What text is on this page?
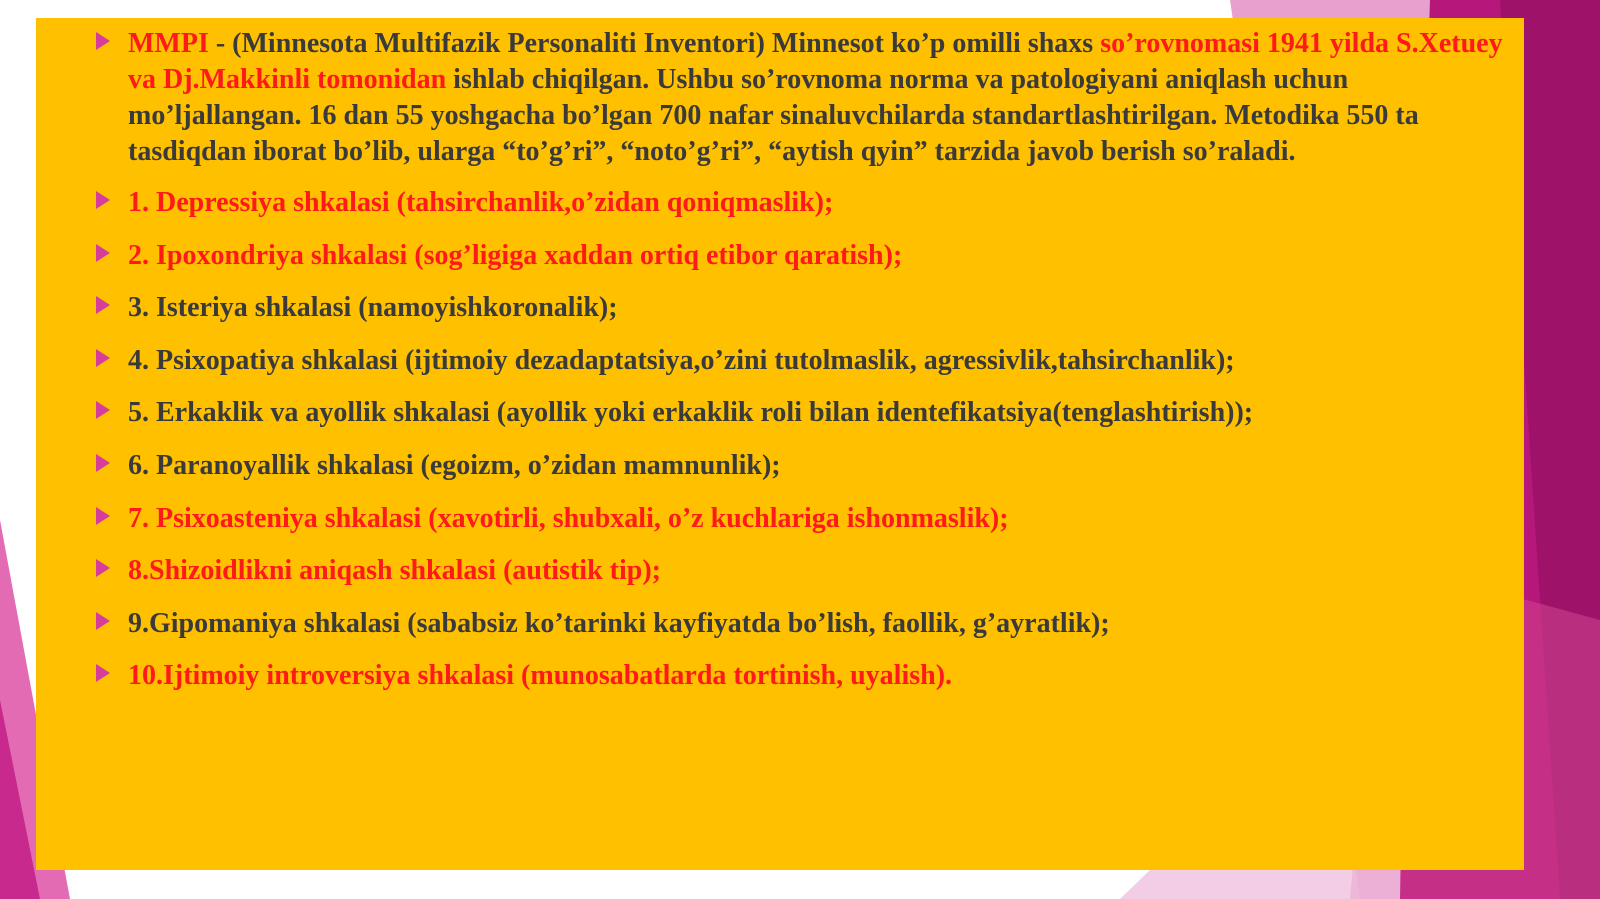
MMPI - (Minnesota Multifazik Personaliti Inventori) Minnesot ko’p omilli shaxs so’rovnomasi 1941 yilda S.Xetuey va Dj.Makkinli tomonidan ishlab chiqilgan. Ushbu so’rovnoma norma va patologiyani aniqlash uchun mo’ljallangan. 16 dan 55 yoshgacha bo’lgan 700 nafar sinaluvchilarda standartlashtirilgan. Metodika 550 ta tasdiqdan iborat bo’lib, ularga “to’g’ri”, “noto’g’ri”, “aytish qyin” tarzida javob berish so’raladi.
1. Depressiya shkalasi (tahsirchanlik,o’zidan qoniqmaslik);
2. Ipoxondriya shkalasi (sog’ligiga xaddan ortiq etibor qaratish);
3. Isteriya shkalasi (namoyishkoronalik);
4. Psixopatiya shkalasi (ijtimoiy dezadaptatsiya,o’zini tutolmaslik, agressivlik,tahsirchanlik);
5. Erkaklik va ayollik shkalasi (ayollik yoki erkaklik roli bilan identefikatsiya(tenglashtirish));
6. Paranoyallik shkalasi (egoizm, o’zidan mamnunlik);
7. Psixoasteniya shkalasi (xavotirli, shubxali, o’z kuchlariga ishonmaslik);
8.Shizoidlikni aniqash shkalasi (autistik tip);
9.Gipomaniya shkalasi (sababsiz ko’tarinki kayfiyatda bo’lish, faollik, g’ayratlik);
10.Ijtimoiy introversiya shkalasi (munosabatlarda tortinish, uyalish).
